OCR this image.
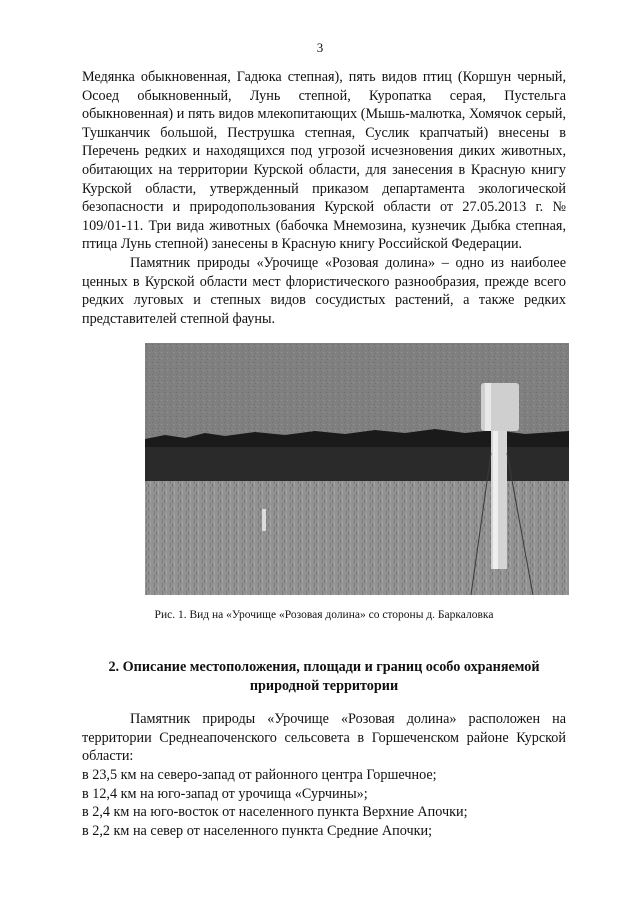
3
Медянка обыкновенная, Гадюка степная), пять видов птиц (Коршун черный, Осоед обыкновенный, Лунь степной, Куропатка серая, Пустельга обыкновенная) и пять видов млекопитающих (Мышь-малютка, Хомячок серый, Тушканчик большой, Пеструшка степная, Суслик крапчатый) внесены в Перечень редких и находящихся под угрозой исчезновения диких животных, обитающих на территории Курской области, для занесения в Красную книгу Курской области, утвержденный приказом департамента экологической безопасности и природопользования Курской области от 27.05.2013 г. № 109/01-11. Три вида животных (бабочка Мнемозина, кузнечик Дыбка степная, птица Лунь степной) занесены в Красную книгу Российской Федерации.
Памятник природы «Урочище «Розовая долина» – одно из наиболее ценных в Курской области мест флористического разнообразия, прежде всего редких луговых и степных видов сосудистых растений, а также редких представителей степной фауны.
Рис. 1. Вид на «Урочище «Розовая долина» со стороны д. Баркаловка
2. Описание местоположения, площади и границ особо охраняемой природной территории
Памятник природы «Урочище «Розовая долина» расположен на территории Среднеапоченского сельсовета в Горшеченском районе Курской области:
в 23,5 км на северо-запад от районного центра Горшечное;
в 12,4 км на юго-запад от урочища «Сурчины»;
в 2,4 км на юго-восток от населенного пункта Верхние Апочки;
в 2,2 км на север от населенного пункта Средние Апочки;
